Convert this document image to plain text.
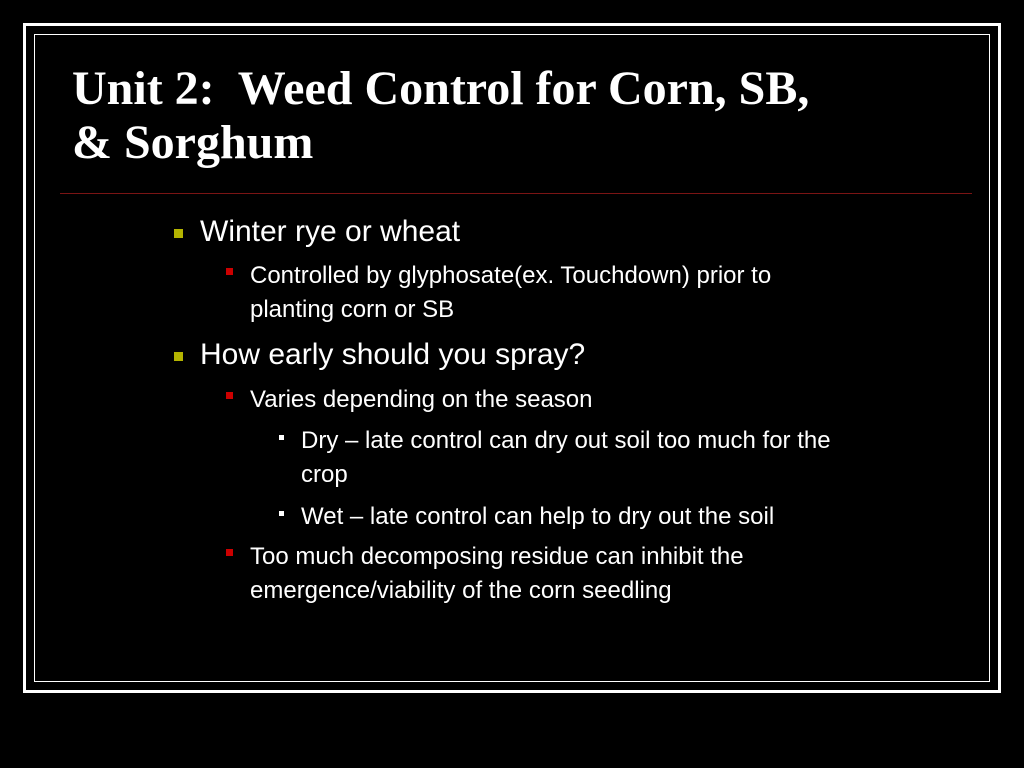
Unit 2:  Weed Control for Corn, SB,
& Sorghum
Winter rye or wheat
Controlled by glyphosate(ex. Touchdown) prior to
planting corn or SB
How early should you spray?
Varies depending on the season
Dry – late control can dry out soil too much for the
crop
Wet – late control can help to dry out the soil
Too much decomposing residue can inhibit the
emergence/viability of the corn seedling
